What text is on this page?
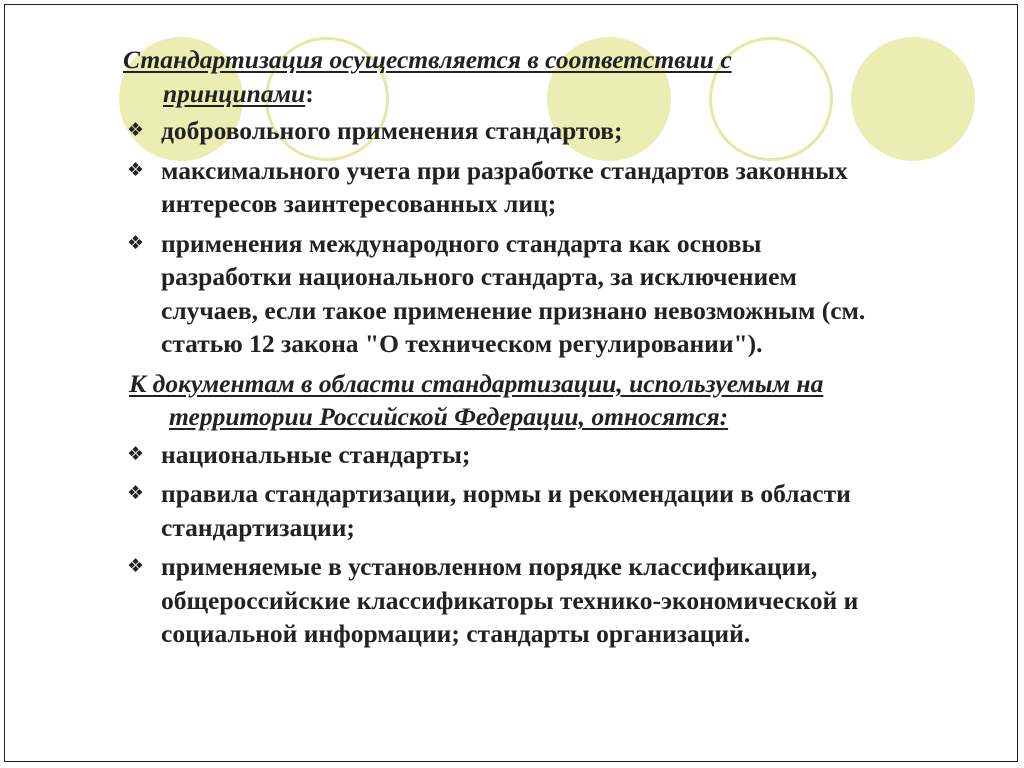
Стандартизация осуществляется в соответствии с
принципами:
❖ добровольного применения стандартов;
❖ максимального учета при разработке стандартов законных
интересов заинтересованных лиц;
❖ применения международного стандарта как основы
разработки национального стандарта, за исключением
случаев, если такое применение признано невозможным (см.
статью 12 закона "О техническом регулировании").
К документам в области стандартизации, используемым на
территории Российской Федерации, относятся:
❖ национальные стандарты;
❖ правила стандартизации, нормы и рекомендации в области
стандартизации;
❖ применяемые в установленном порядке классификации,
общероссийские классификаторы технико-экономической и
социальной информации; стандарты организаций.
